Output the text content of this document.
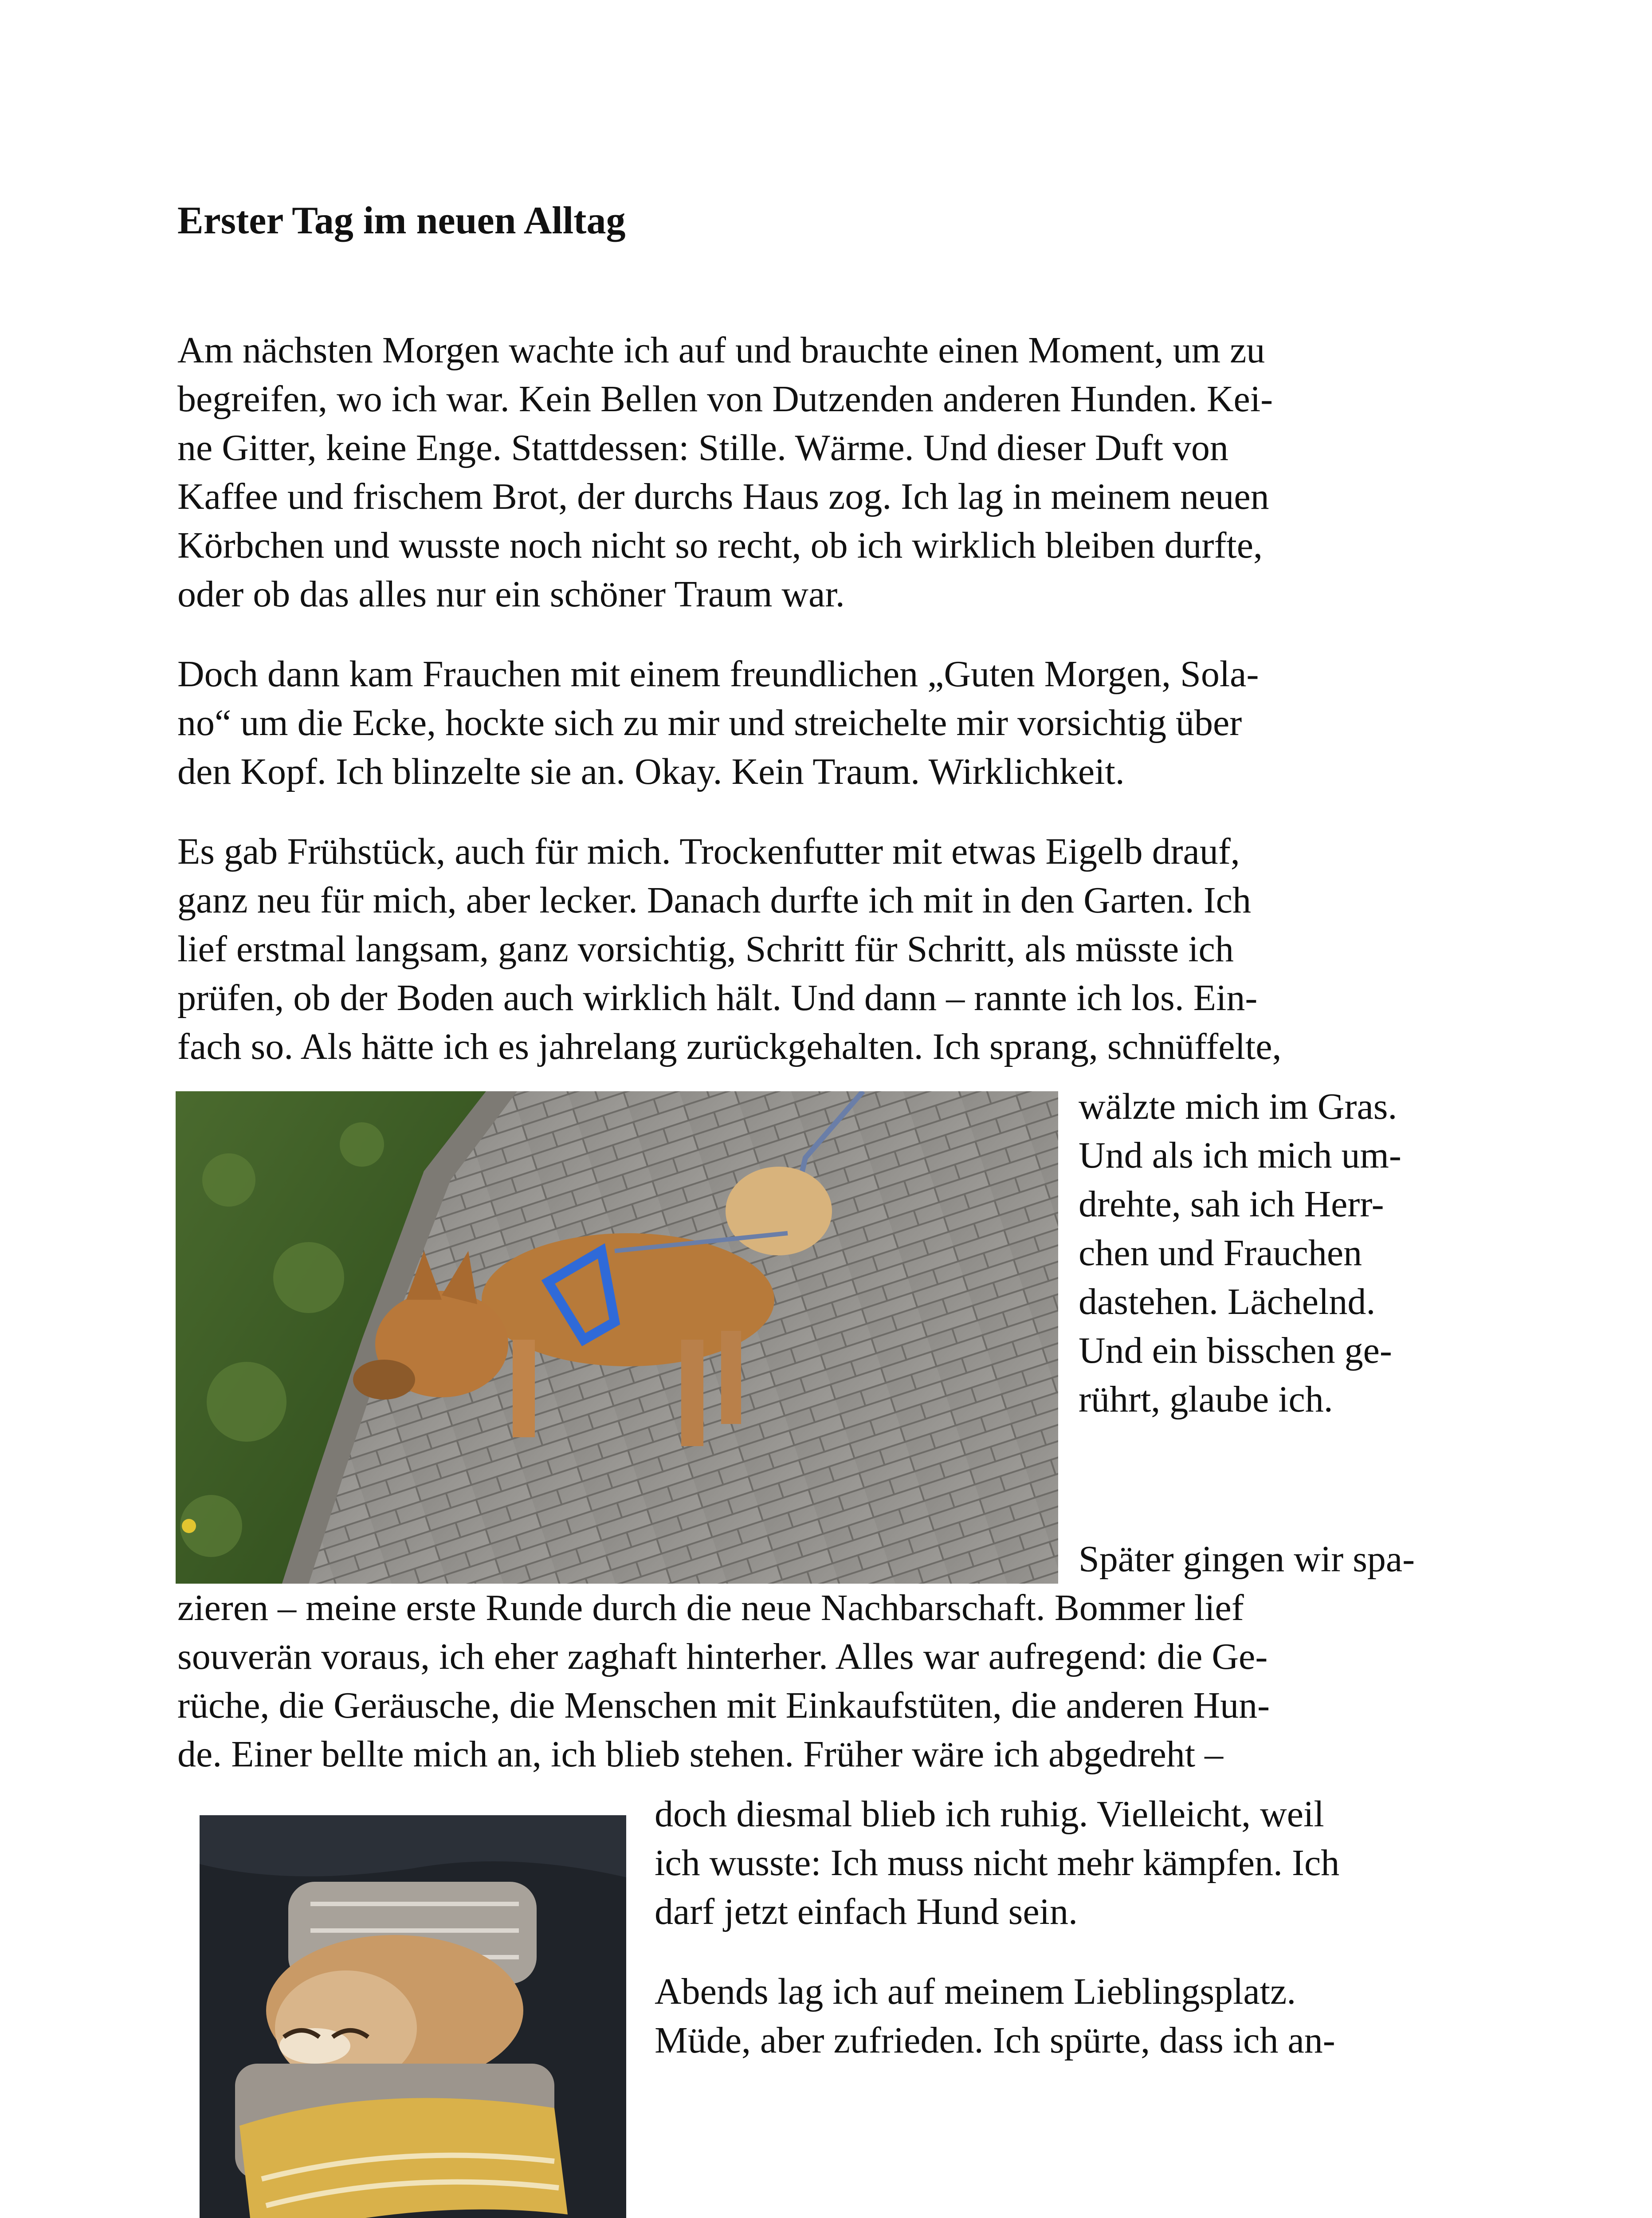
Erster Tag im neuen Alltag
Am nächsten Morgen wachte ich auf und brauchte einen Moment, um zu
begreifen, wo ich war. Kein Bellen von Dutzenden anderen Hunden. Kei-
ne Gitter, keine Enge. Stattdessen: Stille. Wärme. Und dieser Duft von
Kaffee und frischem Brot, der durchs Haus zog. Ich lag in meinem neuen
Körbchen und wusste noch nicht so recht, ob ich wirklich bleiben durfte,
oder ob das alles nur ein schöner Traum war.
Doch dann kam Frauchen mit einem freundlichen „Guten Morgen, Sola-
no“ um die Ecke, hockte sich zu mir und streichelte mir vorsichtig über
den Kopf. Ich blinzelte sie an. Okay. Kein Traum. Wirklichkeit.
Es gab Frühstück, auch für mich. Trockenfutter mit etwas Eigelb drauf,
ganz neu für mich, aber lecker. Danach durfte ich mit in den Garten. Ich
lief erstmal langsam, ganz vorsichtig, Schritt für Schritt, als müsste ich
prüfen, ob der Boden auch wirklich hält. Und dann – rannte ich los. Ein-
fach so. Als hätte ich es jahrelang zurückgehalten. Ich sprang, schnüffelte,
wälzte mich im Gras.
Und als ich mich um-
drehte, sah ich Herr-
chen und Frauchen
dastehen. Lächelnd.
Und ein bisschen ge-
rührt, glaube ich.
Später gingen wir spa-
zieren – meine erste Runde durch die neue Nachbarschaft. Bommer lief
souverän voraus, ich eher zaghaft hinterher. Alles war aufregend: die Ge-
rüche, die Geräusche, die Menschen mit Einkaufstüten, die anderen Hun-
de. Einer bellte mich an, ich blieb stehen. Früher wäre ich abgedreht –
doch diesmal blieb ich ruhig. Vielleicht, weil
ich wusste: Ich muss nicht mehr kämpfen. Ich
darf jetzt einfach Hund sein.
Abends lag ich auf meinem Lieblingsplatz.
Müde, aber zufrieden. Ich spürte, dass ich an-
